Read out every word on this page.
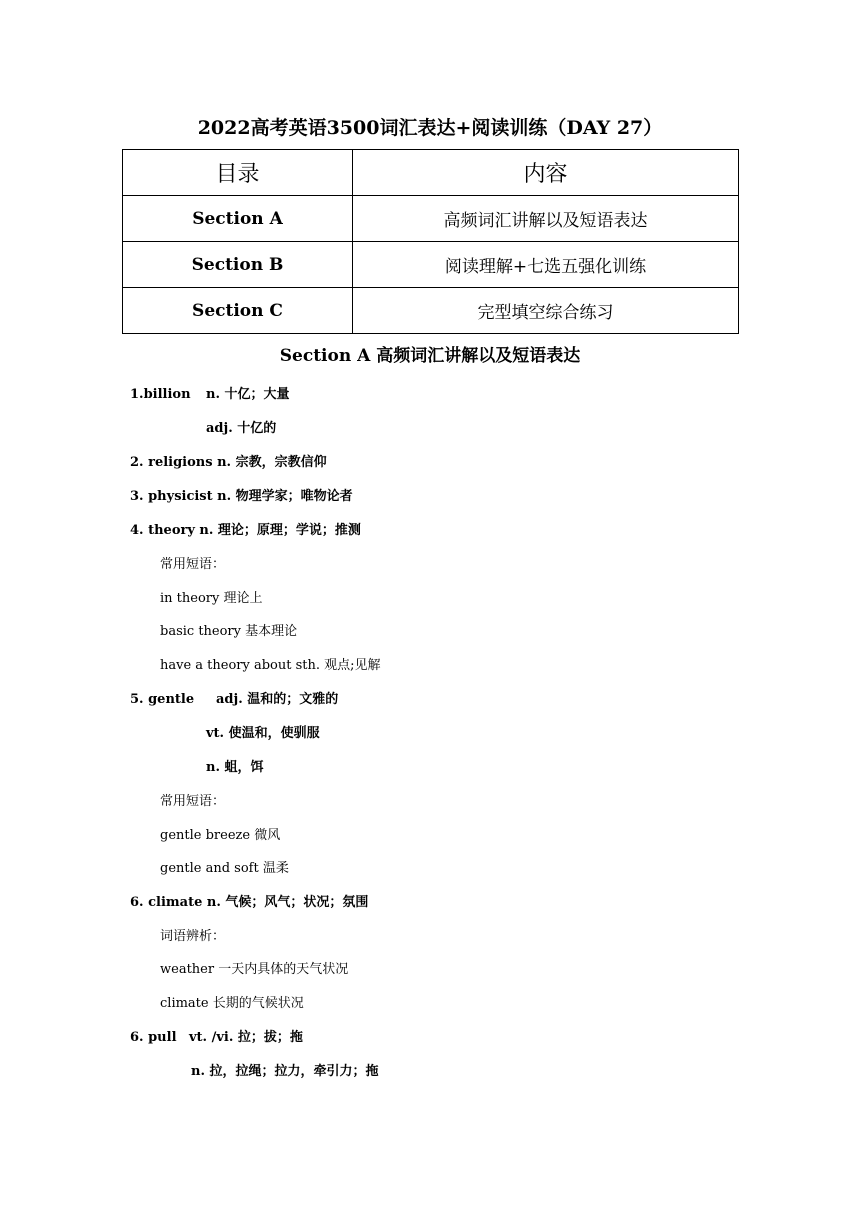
2022高考英语3500词汇表达+阅读训练（DAY 27）
目录	内容
Section A	高频词汇讲解以及短语表达
Section B	阅读理解+七选五强化训练
Section C	完型填空综合练习
Section A 高频词汇讲解以及短语表达
1.billion n. 十亿；大量
adj. 十亿的
2. religions n. 宗教，宗教信仰
3. physicist n. 物理学家；唯物论者
4. theory n. 理论；原理；学说；推测
常用短语：
in theory 理论上
basic theory 基本理论
have a theory about sth. 观点;见解
5. gentle adj. 温和的；文雅的
vt. 使温和，使驯服
n. 蛆，饵
常用短语：
gentle breeze 微风
gentle and soft 温柔
6. climate n. 气候；风气；状况；氛围
词语辨析：
weather 一天内具体的天气状况
climate 长期的气候状况
6. pull vt. /vi. 拉；拔；拖
n. 拉，拉绳；拉力，牵引力；拖
